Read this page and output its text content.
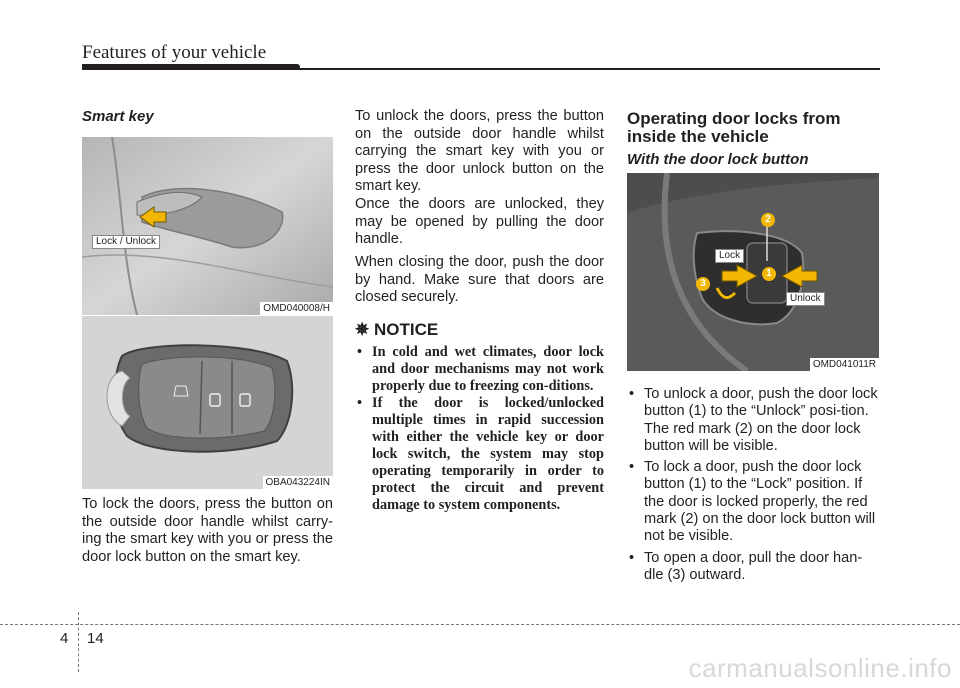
Features of your vehicle
Smart key
Lock / Unlock
OMD040008/H
OBA043224IN
To lock the doors, press the button on the outside door handle whilst carry-ing the smart key with you or press the door lock button on the smart key.
To unlock the doors, press the button on the outside door handle whilst carrying the smart key with you or press the door unlock button on the smart key.
Once the doors are unlocked, they may be opened by pulling the door handle.
When closing the door, push the door by hand. Make sure that doors are closed securely.
✵ NOTICE
• In cold and wet climates, door lock and door mechanisms may not work properly due to freezing con-ditions.
• If the door is locked/unlocked multiple times in rapid succession with either the vehicle key or door lock switch, the system may stop operating temporarily in order to protect the circuit and prevent damage to system components.
Operating door locks from inside the vehicle
With the door lock button
Lock
Unlock
2
1
3
OMD041011R
• To unlock a door, push the door lock button (1) to the “Unlock” posi-tion. The red mark (2) on the door lock button will be visible.
• To lock a door, push the door lock button (1) to the “Lock” position. If the door is locked properly, the red mark (2) on the door lock button will not be visible.
• To open a door, pull the door han-dle (3) outward.
4 14
carmanualsonline.info
